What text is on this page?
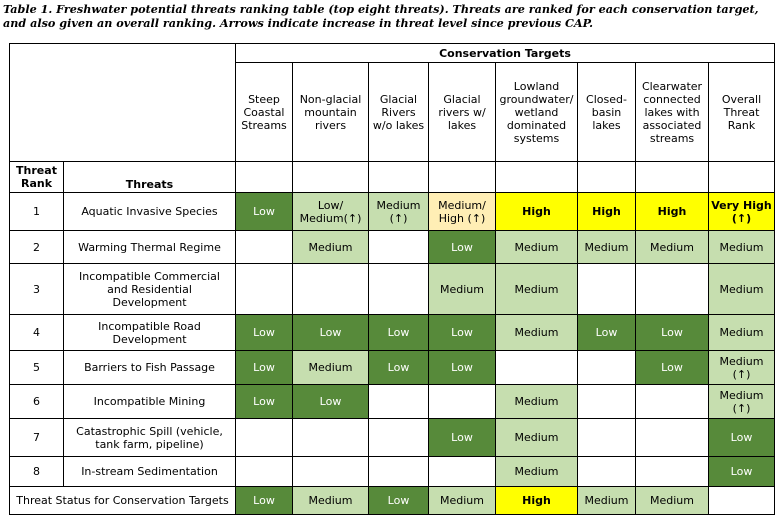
Table 1. Freshwater potential threats ranking table (top eight threats). Threats are ranked for each conservation target, and also given an overall ranking. Arrows indicate increase in threat level since previous CAP.
		Conservation Targets							
		Steep Coastal Streams	Non-glacial mountain rivers	Glacial Rivers w/o lakes	Glacial rivers w/ lakes	Lowland groundwater/ wetland dominated systems	Closed-basin lakes	Clearwater connected lakes with associated streams	Overall Threat Rank
Threat Rank	Threats								
1	Aquatic Invasive Species	Low	Low/ Medium(↑)	Medium (↑)	Medium/ High (↑)	High	High	High	Very High (↑)
2	Warming Thermal Regime		Medium		Low	Medium	Medium	Medium	Medium
3	Incompatible Commercial and Residential Development				Medium	Medium			Medium
4	Incompatible Road Development	Low	Low	Low	Low	Medium	Low	Low	Medium
5	Barriers to Fish Passage	Low	Medium	Low	Low			Low	Medium (↑)
6	Incompatible Mining	Low	Low			Medium			Medium (↑)
7	Catastrophic Spill (vehicle, tank farm, pipeline)				Low	Medium			Low
8	In-stream Sedimentation					Medium			Low
Threat Status for Conservation Targets		Low	Medium	Low	Medium	High	Medium	Medium	
